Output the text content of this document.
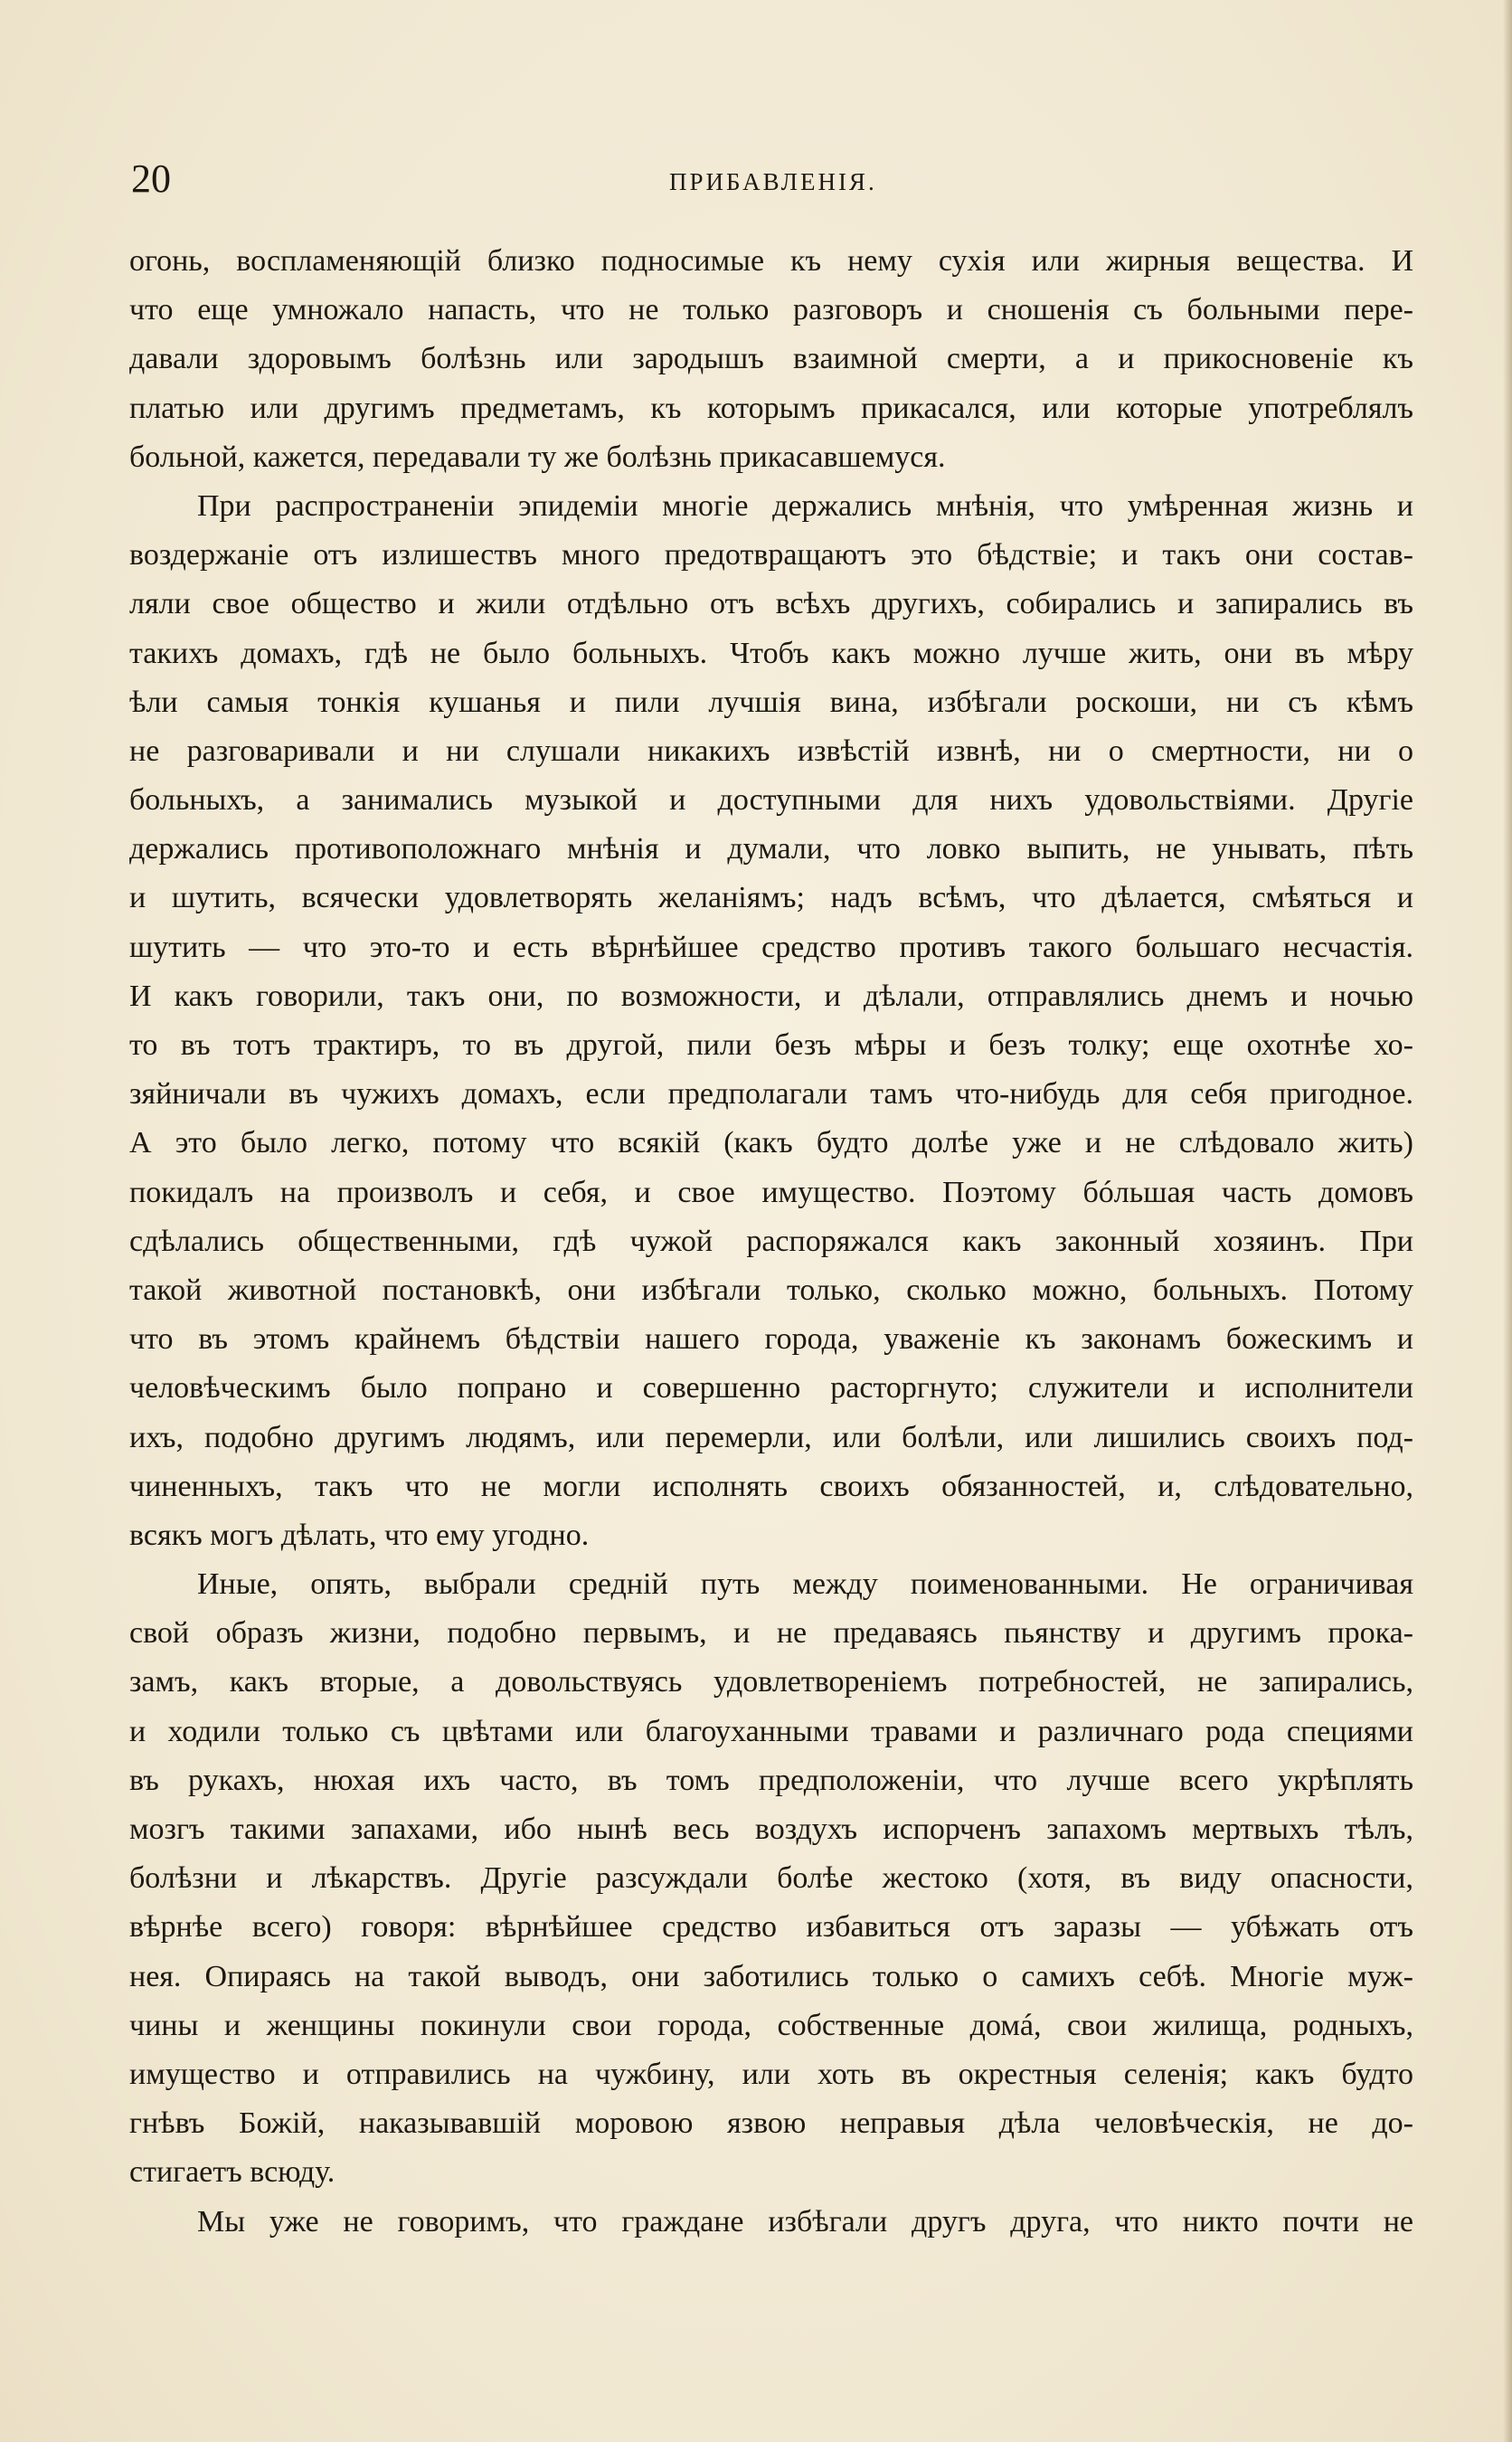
20	ПРИБАВЛЕНІЯ.
огонь, воспламеняющій близко подносимые къ нему сухія или жирныя вещества. И
что еще умножало напасть, что не только разговоръ и сношенія съ больными пере-
давали здоровымъ болѣзнь или зародышъ взаимной смерти, а и прикосновеніе къ
платью или другимъ предметамъ, къ которымъ прикасался, или которые употреблялъ
больной, кажется, передавали ту же болѣзнь прикасавшемуся.
При распространеніи эпидеміи многіе держались мнѣнія, что умѣренная жизнь и
воздержаніе отъ излишествъ много предотвращаютъ это бѣдствіе; и такъ они состав-
ляли свое общество и жили отдѣльно отъ всѣхъ другихъ, собирались и запирались въ
такихъ домахъ, гдѣ не было больныхъ. Чтобъ какъ можно лучше жить, они въ мѣру
ѣли самыя тонкія кушанья и пили лучшія вина, избѣгали роскоши, ни съ кѣмъ
не разговаривали и ни слушали никакихъ извѣстій извнѣ, ни о смертности, ни о
больныхъ, а занимались музыкой и доступными для нихъ удовольствіями. Другіе
держались противоположнаго мнѣнія и думали, что ловко выпить, не унывать, пѣть
и шутить, всячески удовлетворять желаніямъ; надъ всѣмъ, что дѣлается, смѣяться и
шутить — что это-то и есть вѣрнѣйшее средство противъ такого большаго несчастія.
И какъ говорили, такъ они, по возможности, и дѣлали, отправлялись днемъ и ночью
то въ тотъ трактиръ, то въ другой, пили безъ мѣры и безъ толку; еще охотнѣе хо-
зяйничали въ чужихъ домахъ, если предполагали тамъ что-нибудь для себя пригодное.
А это было легко, потому что всякій (какъ будто долѣе уже и не слѣдовало жить)
покидалъ на произволъ и себя, и свое имущество. Поэтому бóльшая часть домовъ
сдѣлались общественными, гдѣ чужой распоряжался какъ законный хозяинъ. При
такой животной постановкѣ, они избѣгали только, сколько можно, больныхъ. Потому
что въ этомъ крайнемъ бѣдствіи нашего города, уваженіе къ законамъ божескимъ и
человѣческимъ было попрано и совершенно расторгнуто; служители и исполнители
ихъ, подобно другимъ людямъ, или перемерли, или болѣли, или лишились своихъ под-
чиненныхъ, такъ что не могли исполнять своихъ обязанностей, и, слѣдовательно,
всякъ могъ дѣлать, что ему угодно.
Иные, опять, выбрали средній путь между поименованными. Не ограничивая
свой образъ жизни, подобно первымъ, и не предаваясь пьянству и другимъ прока-
замъ, какъ вторые, а довольствуясь удовлетвореніемъ потребностей, не запирались,
и ходили только съ цвѣтами или благоуханными травами и различнаго рода специями
въ рукахъ, нюхая ихъ часто, въ томъ предположеніи, что лучше всего укрѣплять
мозгъ такими запахами, ибо нынѣ весь воздухъ испорченъ запахомъ мертвыхъ тѣлъ,
болѣзни и лѣкарствъ. Другіе разсуждали болѣе жестоко (хотя, въ виду опасности,
вѣрнѣе всего) говоря: вѣрнѣйшее средство избавиться отъ заразы — убѣжать отъ
нея. Опираясь на такой выводъ, они заботились только о самихъ себѣ. Многіе муж-
чины и женщины покинули свои города, собственные домá, свои жилища, родныхъ,
имущество и отправились на чужбину, или хоть въ окрестныя селенія; какъ будто
гнѣвъ Божій, наказывавшій моровою язвою неправыя дѣла человѣческія, не до-
стигаетъ всюду.
Мы уже не говоримъ, что граждане избѣгали другъ друга, что никто почти не
